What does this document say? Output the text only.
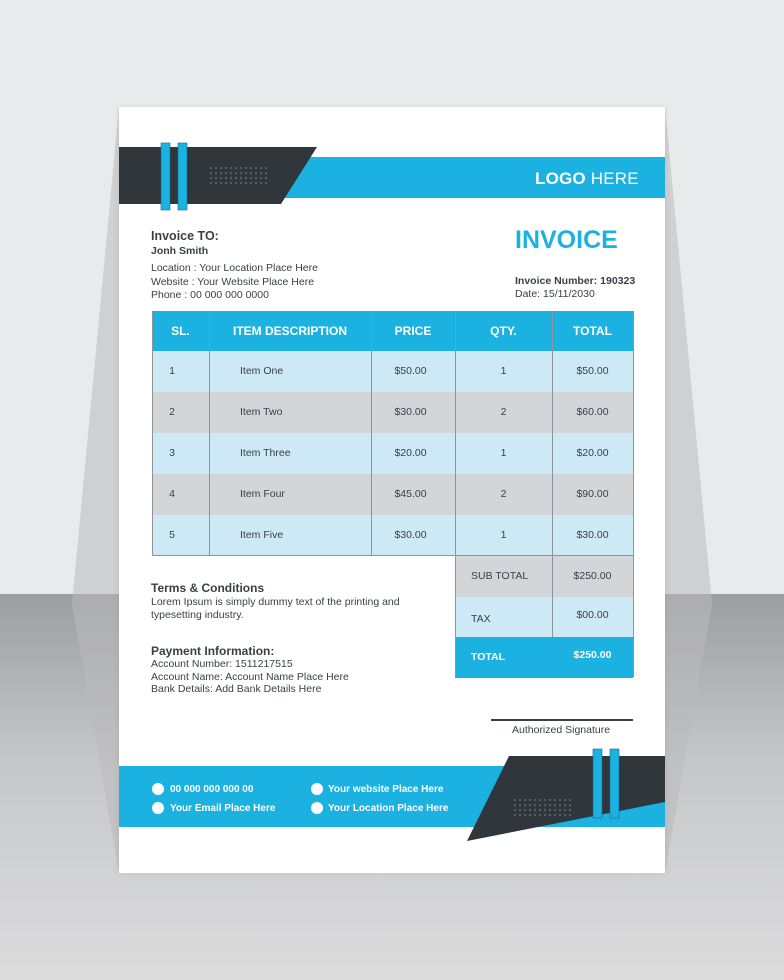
LOGO HERE
INVOICE
Invoice TO:
Jonh Smith
Location : Your Location Place Here
Website : Your Website Place Here
Phone : 00 000 000 0000
Invoice Number: 190323
Date: 15/11/2030
SL.	ITEM DESCRIPTION	PRICE	QTY.	TOTAL
1	Item One	$50.00	1	$50.00
2	Item Two	$30.00	2	$60.00
3	Item Three	$20.00	1	$20.00
4	Item Four	$45.00	2	$90.00
5	Item Five	$30.00	1	$30.00
SUB TOTAL	$250.00
TAX	$00.00
TOTAL	$250.00
Terms & Conditions
Lorem Ipsum is simply dummy text of the printing and
typesetting industry.
Payment Information:
Account Number: 1511217515
Account Name: Account Name Place Here
Bank Details: Add Bank Details Here
Authorized Signature
00 000 000 000 00
Your Email Place Here
Your website Place Here
Your Location Place Here
